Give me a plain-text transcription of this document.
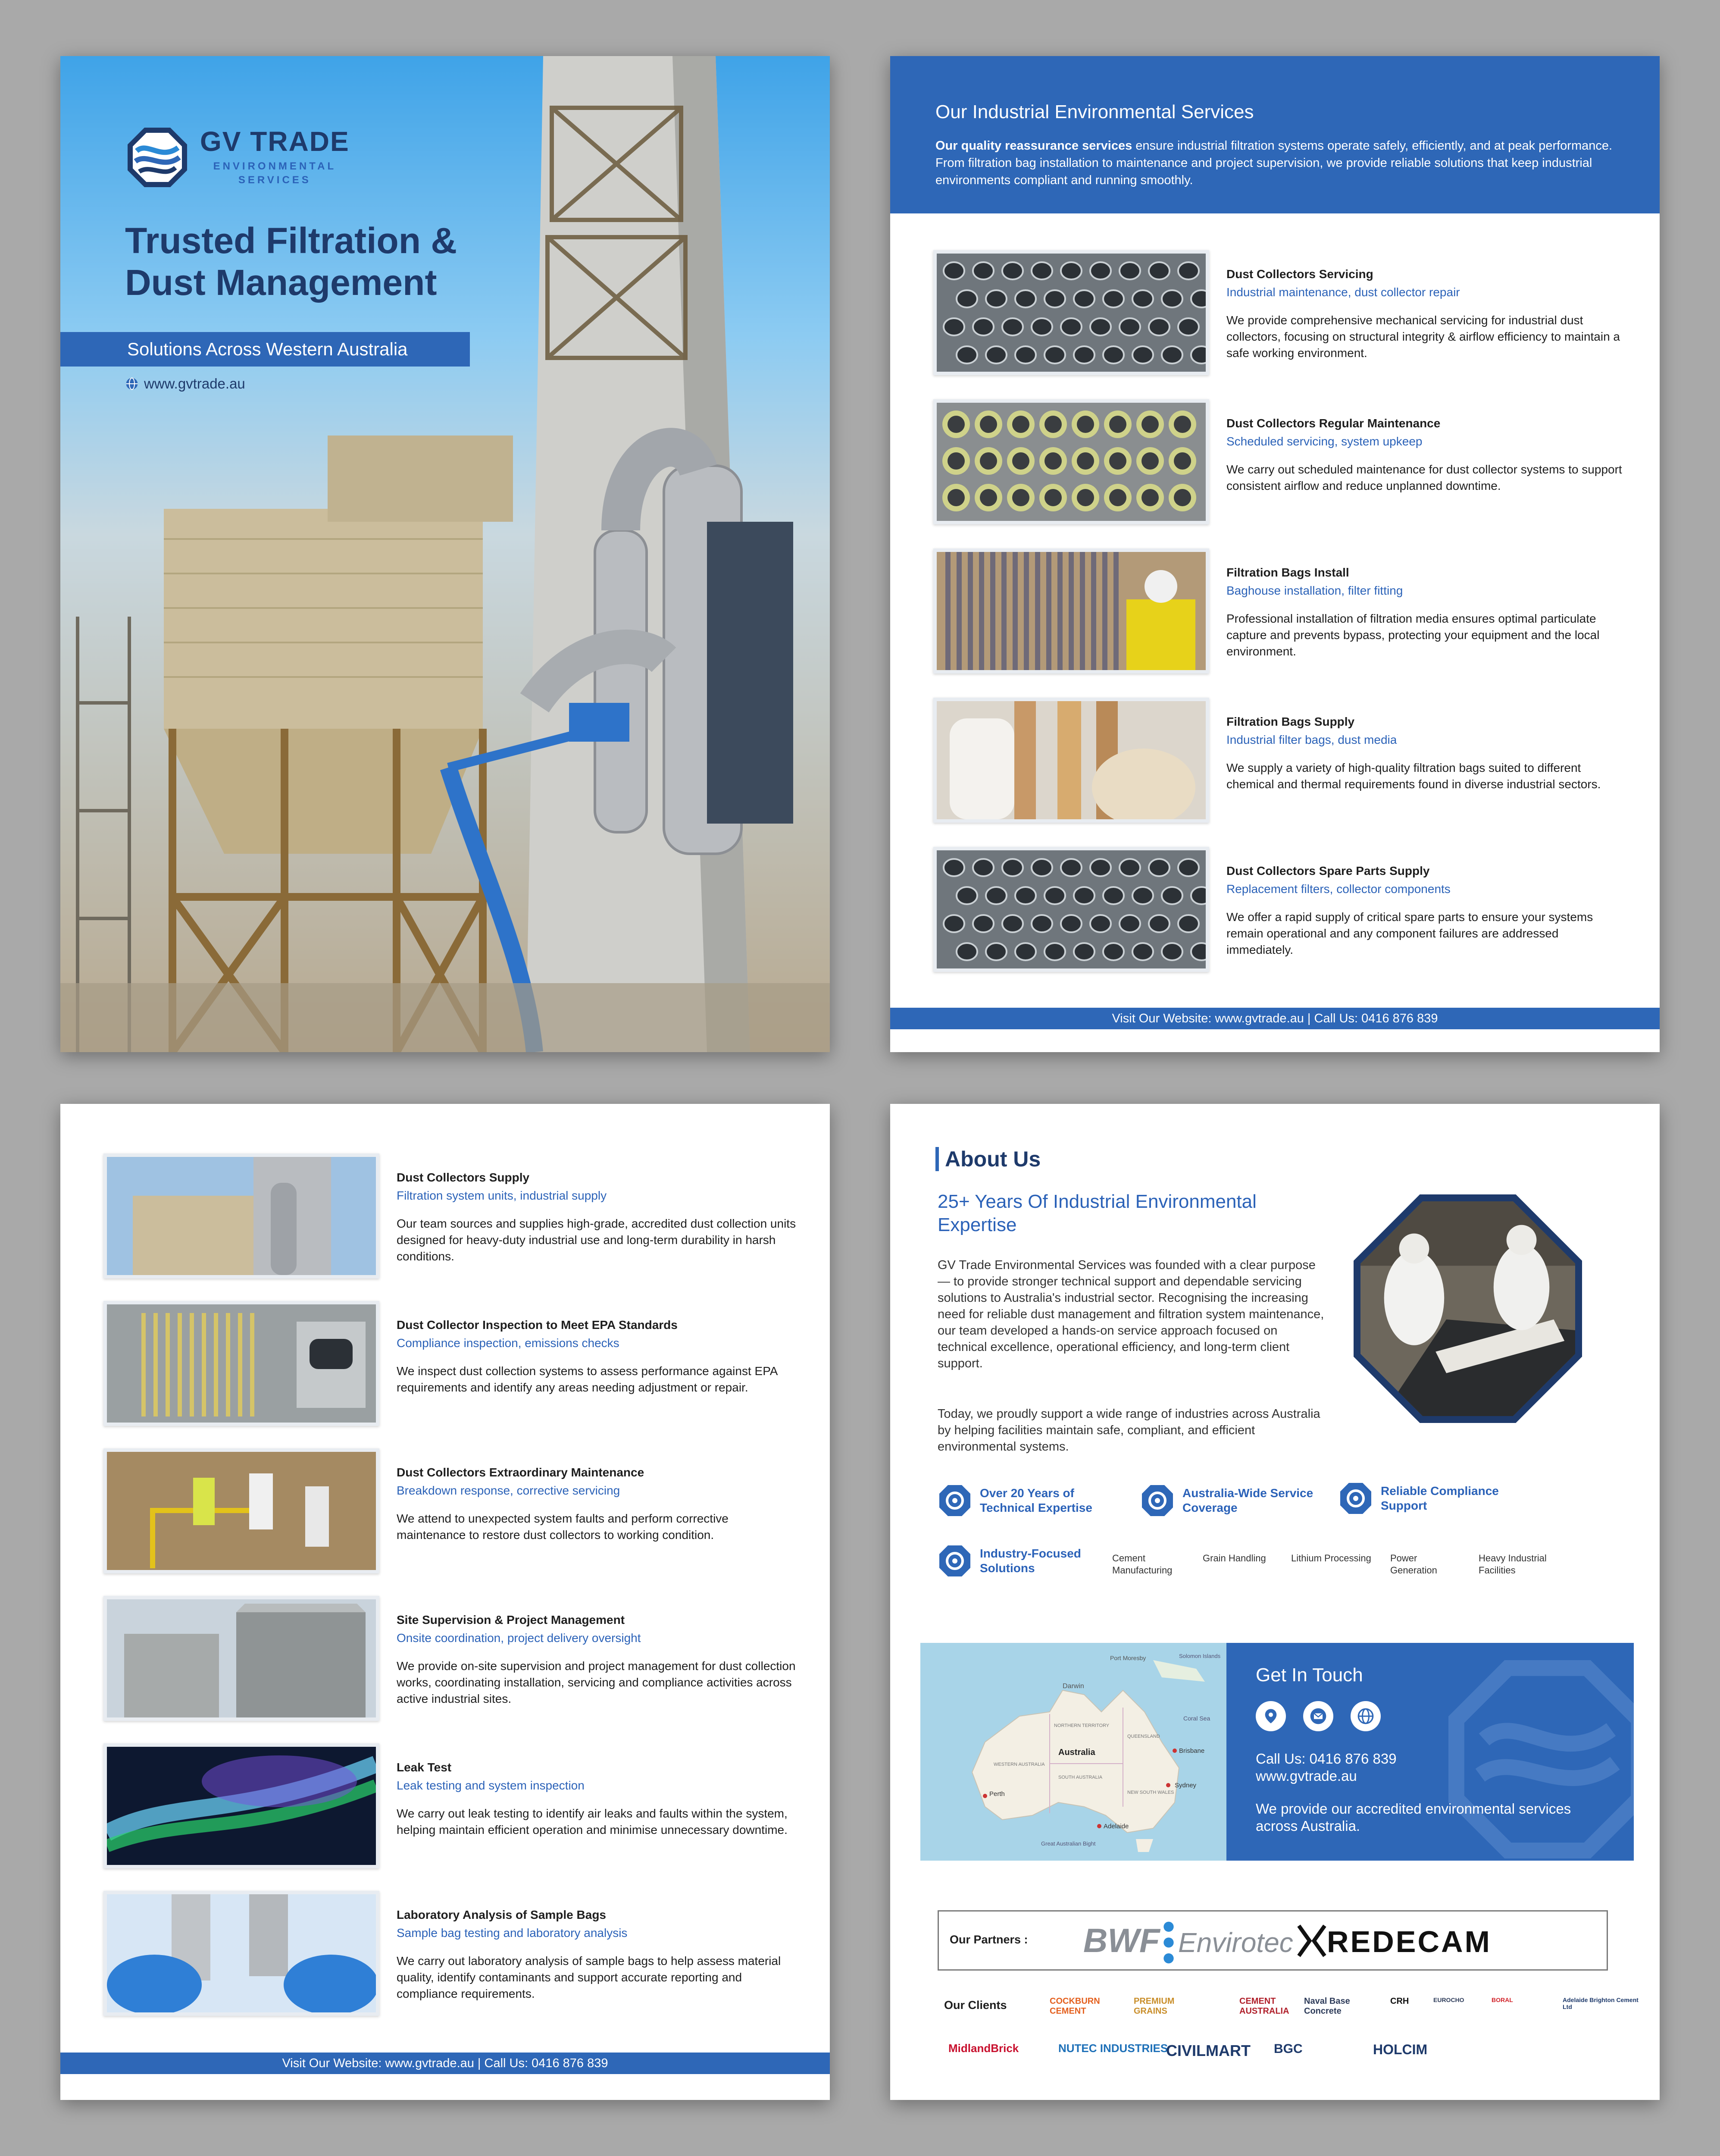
GV TRADE
ENVIRONMENTAL
SERVICES
Trusted Filtration &
Dust Management
Solutions Across Western Australia
www.gvtrade.au
Our Industrial Environmental Services
Our quality reassurance services ensure industrial filtration systems operate safely, efficiently, and at peak performance. From filtration bag installation to maintenance and project supervision, we provide reliable solutions that keep industrial environments compliant and running smoothly.
Dust Collectors Servicing
Industrial maintenance, dust collector repair
We provide comprehensive mechanical servicing for industrial dust collectors, focusing on structural integrity & airflow efficiency to maintain a safe working environment.
Dust Collectors Regular Maintenance
Scheduled servicing, system upkeep
We carry out scheduled maintenance for dust collector systems to support consistent airflow and reduce unplanned downtime.
Filtration Bags Install
Baghouse installation, filter fitting
Professional installation of filtration media ensures optimal particulate capture and prevents bypass, protecting your equipment and the local environment.
Filtration Bags Supply
Industrial filter bags, dust media
We supply a variety of high-quality filtration bags suited to different chemical and thermal requirements found in diverse industrial sectors.
Dust Collectors Spare Parts Supply
Replacement filters, collector components
We offer a rapid supply of critical spare parts to ensure your systems remain operational and any component failures are addressed immediately.
Visit Our Website: www.gvtrade.au | Call Us: 0416 876 839
Dust Collectors Supply
Filtration system units, industrial supply
Our team sources and supplies high-grade, accredited dust collection units designed for heavy-duty industrial use and long-term durability in harsh conditions.
Dust Collector Inspection to Meet EPA Standards
Compliance inspection, emissions checks
We inspect dust collection systems to assess performance against EPA requirements and identify any areas needing adjustment or repair.
Dust Collectors Extraordinary Maintenance
Breakdown response, corrective servicing
We attend to unexpected system faults and perform corrective maintenance to restore dust collectors to working condition.
Site Supervision & Project Management
Onsite coordination, project delivery oversight
We provide on-site supervision and project management for dust collection works, coordinating installation, servicing and compliance activities across active industrial sites.
Leak Test
Leak testing and system inspection
We carry out leak testing to identify air leaks and faults within the system, helping maintain efficient operation and minimise unnecessary downtime.
Laboratory Analysis of Sample Bags
Sample bag testing and laboratory analysis
We carry out laboratory analysis of sample bags to help assess material quality, identify contaminants and support accurate reporting and compliance requirements.
Visit Our Website: www.gvtrade.au | Call Us: 0416 876 839
About Us
25+ Years Of Industrial Environmental Expertise
GV Trade Environmental Services was founded with a clear purpose — to provide stronger technical support and dependable servicing solutions to Australia's industrial sector. Recognising the increasing need for reliable dust management and filtration system maintenance, our team developed a hands-on service approach focused on technical excellence, operational efficiency, and long-term client support.
Today, we proudly support a wide range of industries across Australia by helping facilities maintain safe, compliant, and efficient environmental systems.
Over 20 Years of Technical Expertise
Australia-Wide Service Coverage
Reliable Compliance Support
Industry-Focused Solutions
Cement Manufacturing
Grain Handling	Lithium Processing Power Generation
Heavy Industrial Facilities
Darwin
Port Moresby
NORTHERN TERRITORY
QUEENSLAND
WESTERN AUSTRALIA
SOUTH AUSTRALIA
NEW SOUTH WALES
Perth
Adelaide
Brisbane
Sydney
Coral Sea
Great Australian Bight
Solomon Islands
Australia
Get In Touch
Call Us: 0416 876 839
www.gvtrade.au
We provide our accredited environmental services across Australia.
Our Partners : BWF Envirotec REDECAM
Our Clients	COCKBURN CEMENT
PREMIUM GRAINS
CEMENT AUSTRALIA
Naval Base Concrete
CRH	EUROCHO	BORAL	Adelaide Brighton Cement Ltd
MidlandBrick	NUTEC INDUSTRIES
CIVILMART BGC	HOLCIM
